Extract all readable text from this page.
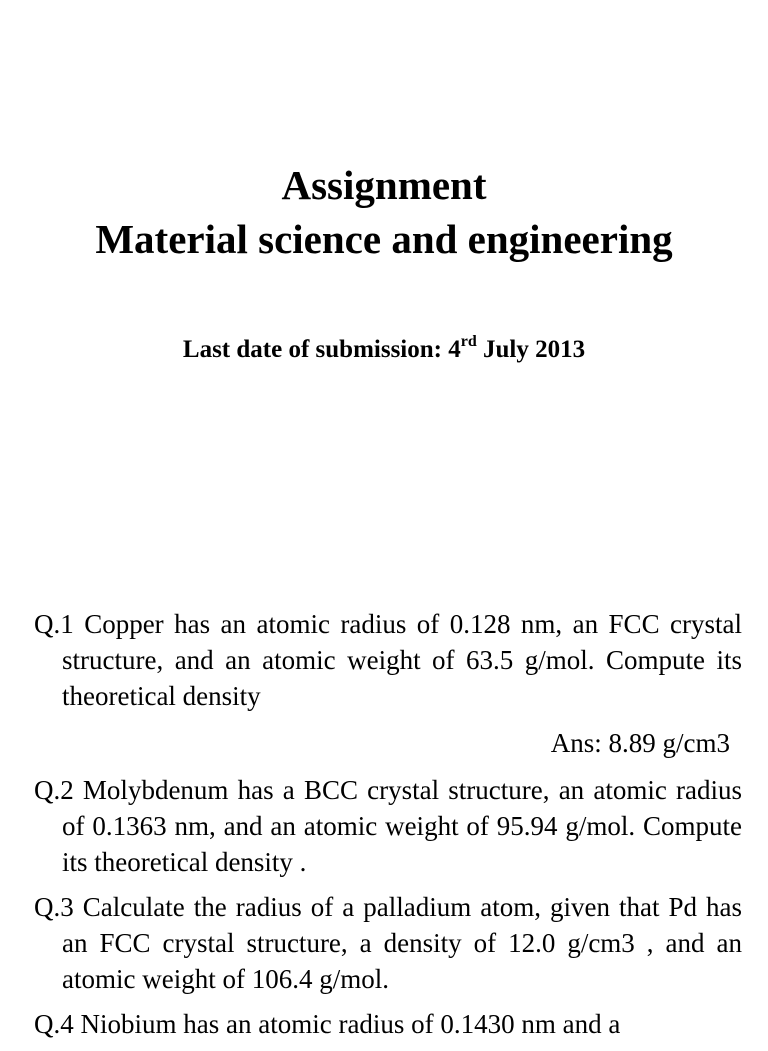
Assignment
Material science and engineering
Last date of submission: 4rd July 2013

Q.1 Copper has an atomic radius of 0.128 nm, an FCC crystal structure, and an atomic weight of 63.5 g/mol. Compute its theoretical density

Ans: 8.89 g/cm3

Q.2 Molybdenum has a BCC crystal structure, an atomic radius of 0.1363 nm, and an atomic weight of 95.94 g/mol. Compute its theoretical density .

Q.3 Calculate the radius of a palladium atom, given that Pd has an FCC crystal structure, a density of 12.0 g/cm3 , and an atomic weight of 106.4 g/mol.

Q.4 Niobium has an atomic radius of 0.1430 nm and a
